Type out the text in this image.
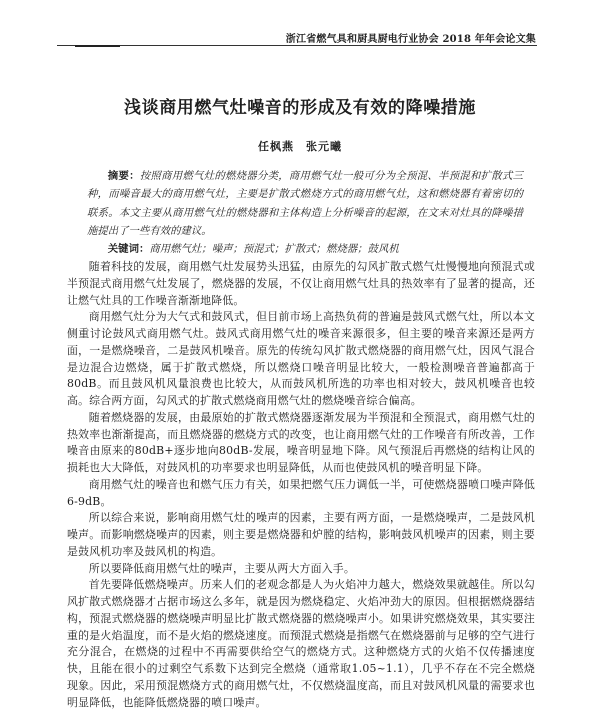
浙江省燃气具和厨具厨电行业协会 2018 年年会论文集
浅谈商用燃气灶噪音的形成及有效的降噪措施
任枫燕　张元曦

摘要：按照商用燃气灶的燃烧器分类，商用燃气灶一般可分为全预混、半预混和扩散式三种，而噪音最大的商用燃气灶，主要是扩散式燃烧方式的商用燃气灶，这和燃烧器有着密切的联系。本文主要从商用燃气灶的燃烧器和主体构造上分析噪音的起源，在文末对灶具的降噪措施提出了一些有效的建议。

关键词：商用燃气灶；噪声；预混式；扩散式；燃烧器；鼓风机

随着科技的发展，商用燃气灶发展势头迅猛，由原先的勾风扩散式燃气灶慢慢地向预混式或半预混式商用燃气灶发展了，燃烧器的发展，不仅让商用燃气灶具的热效率有了显著的提高，还让燃气灶具的工作噪音渐渐地降低。

商用燃气灶分为大气式和鼓风式，但目前市场上高热负荷的普遍是鼓风式燃气灶，所以本文侧重讨论鼓风式商用燃气灶。鼓风式商用燃气灶的噪音来源很多，但主要的噪音来源还是两方面，一是燃烧噪音，二是鼓风机噪音。原先的传统勾风扩散式燃烧器的商用燃气灶，因风气混合是边混合边燃烧，属于扩散式燃烧，所以燃烧口噪音明显比较大，一般检测噪音普遍都高于80dB。而且鼓风机风量浪费也比较大，从而鼓风机所选的功率也相对较大，鼓风机噪音也较高。综合两方面，勾风式的扩散式燃烧商用燃气灶的燃烧噪音综合偏高。

随着燃烧器的发展，由最原始的扩散式燃烧器逐渐发展为半预混和全预混式，商用燃气灶的热效率也渐渐提高，而且燃烧器的燃烧方式的改变，也让商用燃气灶的工作噪音有所改善，工作噪音由原来的80dB+逐步地向80dB-发展，噪音明显地下降。风气预混后再燃烧的结构让风的损耗也大大降低，对鼓风机的功率要求也明显降低，从而也使鼓风机的噪音明显下降。

商用燃气灶的噪音也和燃气压力有关，如果把燃气压力调低一半，可使燃烧器喷口噪声降低6-9dB。

所以综合来说，影响商用燃气灶的噪声的因素，主要有两方面，一是燃烧噪声，二是鼓风机噪声。而影响燃烧噪声的因素，则主要是燃烧器和炉膛的结构，影响鼓风机噪声的因素，则主要是鼓风机功率及鼓风机的构造。

所以要降低商用燃气灶的噪声，主要从两大方面入手。

首先要降低燃烧噪声。历来人们的老观念都是人为火焰冲力越大，燃烧效果就越佳。所以勾风扩散式燃烧器才占据市场这么多年，就是因为燃烧稳定、火焰冲劲大的原因。但根据燃烧器结构，预混式燃烧器的燃烧噪声明显比扩散式燃烧器的燃烧噪声小。如果讲究燃烧效果，其实要注重的是火焰温度，而不是火焰的燃烧速度。而预混式燃烧是指燃气在燃烧器前与足够的空气进行充分混合，在燃烧的过程中不再需要供给空气的燃烧方式。这种燃烧方式的火焰不仅传播速度快，且能在很小的过剩空气系数下达到完全燃烧（通常取1.05~1.1），几乎不存在不完全燃烧现象。因此，采用预混燃烧方式的商用燃气灶，不仅燃烧温度高，而且对鼓风机风量的需要求也明显降低，也能降低燃烧器的喷口噪声。
